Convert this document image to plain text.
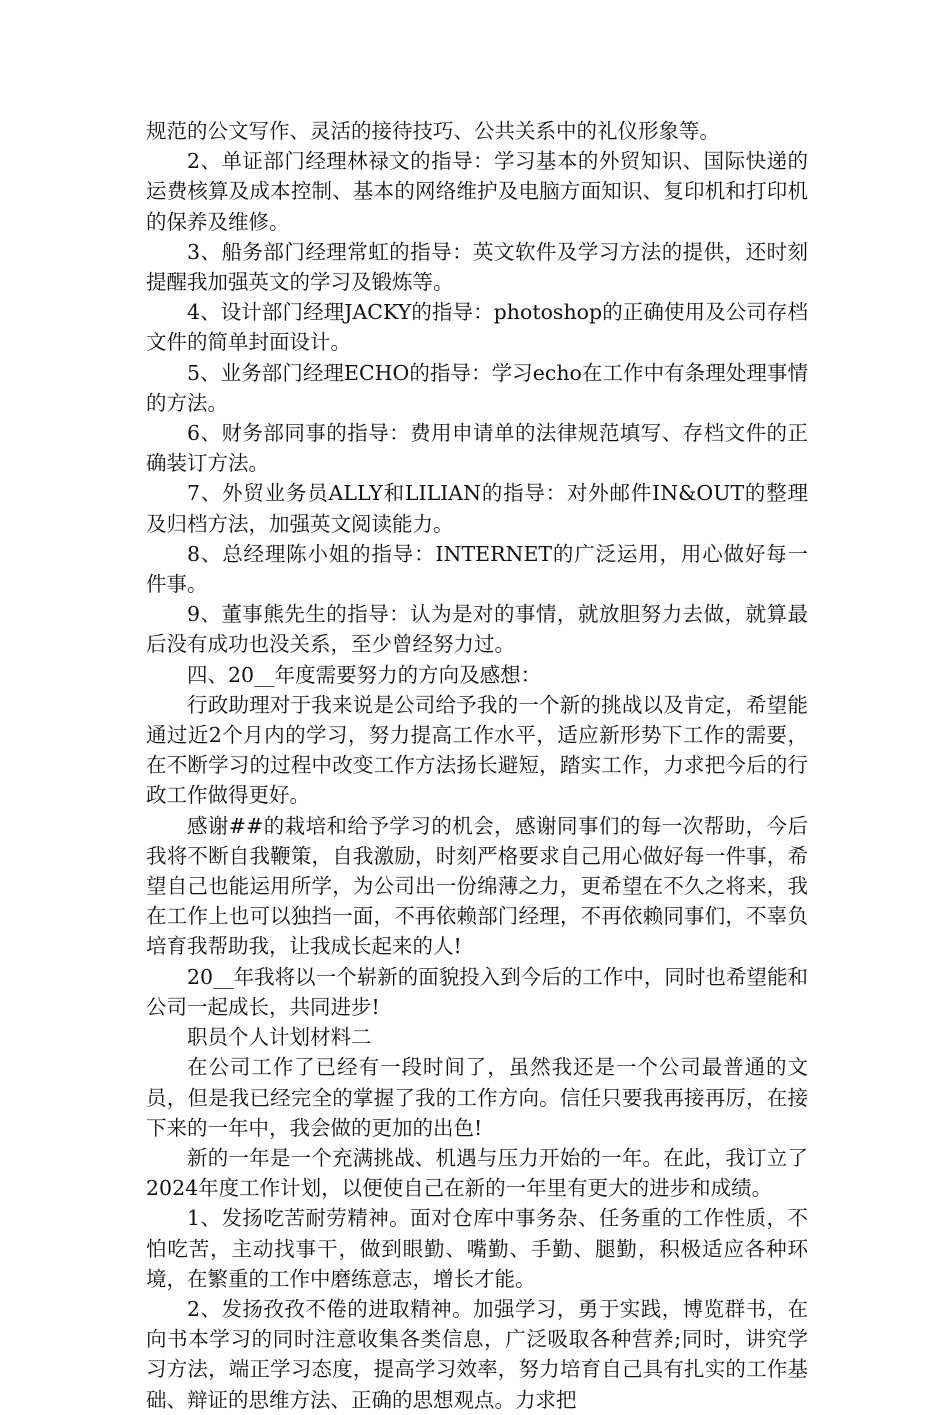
规范的公文写作、灵活的接待技巧、公共关系中的礼仪形象等。

2、单证部门经理林禄文的指导：学习基本的外贸知识、国际快递的运费核算及成本控制、基本的网络维护及电脑方面知识、复印机和打印机的保养及维修。

3、船务部门经理常虹的指导：英文软件及学习方法的提供，还时刻提醒我加强英文的学习及锻炼等。

4、设计部门经理JACKY的指导：photoshop的正确使用及公司存档文件的简单封面设计。

5、业务部门经理ECHO的指导：学习echo在工作中有条理处理事情的方法。

6、财务部同事的指导：费用申请单的法律规范填写、存档文件的正确装订方法。

7、外贸业务员ALLY和LILIAN的指导：对外邮件IN&OUT的整理及归档方法，加强英文阅读能力。

8、总经理陈小姐的指导：INTERNET的广泛运用，用心做好每一件事。

9、董事熊先生的指导：认为是对的事情，就放胆努力去做，就算最后没有成功也没关系，至少曾经努力过。

四、20__年度需要努力的方向及感想：

行政助理对于我来说是公司给予我的一个新的挑战以及肯定，希望能通过近2个月内的学习，努力提高工作水平，适应新形势下工作的需要，在不断学习的过程中改变工作方法扬长避短，踏实工作，力求把今后的行政工作做得更好。

感谢##的栽培和给予学习的机会，感谢同事们的每一次帮助，今后我将不断自我鞭策，自我激励，时刻严格要求自己用心做好每一件事，希望自己也能运用所学，为公司出一份绵薄之力，更希望在不久之将来，我在工作上也可以独挡一面，不再依赖部门经理，不再依赖同事们，不辜负培育我帮助我，让我成长起来的人!

20__年我将以一个崭新的面貌投入到今后的工作中，同时也希望能和公司一起成长，共同进步!

职员个人计划材料二

在公司工作了已经有一段时间了，虽然我还是一个公司最普通的文员，但是我已经完全的掌握了我的工作方向。信任只要我再接再厉，在接下来的一年中，我会做的更加的出色!

新的一年是一个充满挑战、机遇与压力开始的一年。在此，我订立了2024年度工作计划，以便使自己在新的一年里有更大的进步和成绩。

1、发扬吃苦耐劳精神。面对仓库中事务杂、任务重的工作性质，不怕吃苦，主动找事干，做到眼勤、嘴勤、手勤、腿勤，积极适应各种环境，在繁重的工作中磨练意志，增长才能。

2、发扬孜孜不倦的进取精神。加强学习，勇于实践，博览群书，在向书本学习的同时注意收集各类信息，广泛吸取各种营养;同时，讲究学习方法，端正学习态度，提高学习效率，努力培育自己具有扎实的工作基础、辩证的思维方法、正确的思想观点。力求把
